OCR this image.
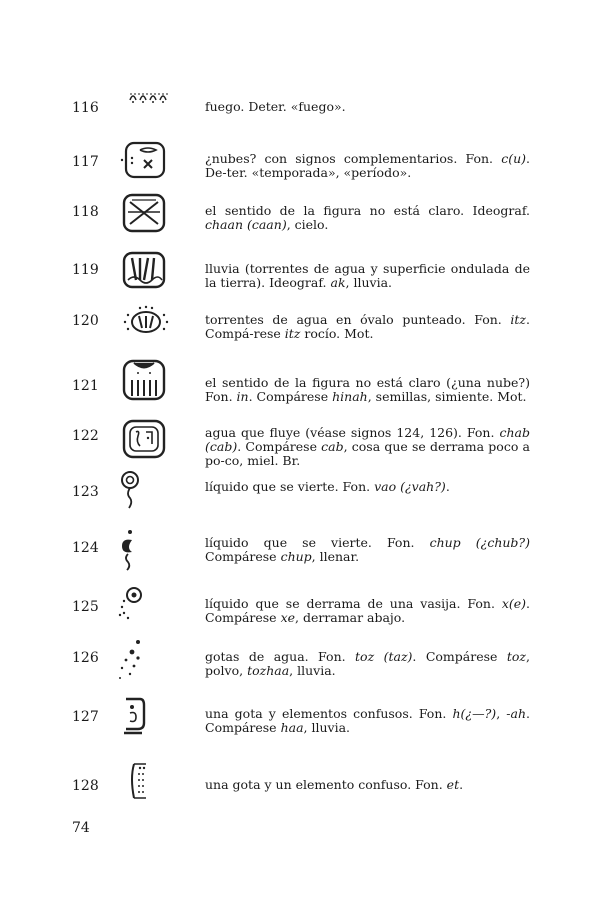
116	fuego. Deter. «fuego».
117	¿nubes? con signos complementarios. Fon. c(u). De-ter. «temporada», «período».
118	el sentido de la figura no está claro. Ideograf. chaan (caan), cielo.
119	lluvia (torrentes de agua y superficie ondulada de la tierra). Ideograf. ak, lluvia.
120	torrentes de agua en óvalo punteado. Fon. itz. Compá-rese itz rocío. Mot.
121	el sentido de la figura no está claro (¿una nube?) Fon. in. Compárese hinah, semillas, simiente. Mot.
122	agua que fluye (véase signos 124, 126). Fon. chab (cab). Compárese cab, cosa que se derrama poco a po-co, miel. Br.
123	líquido que se vierte. Fon. vao (¿vah?).
124	líquido que se vierte. Fon. chup (¿chub?) Compárese chup, llenar.
125	líquido que se derrama de una vasija. Fon. x(e). Compárese xe, derramar abajo.
126	gotas de agua. Fon. toz (taz). Compárese toz, polvo, tozhaa, lluvia.
127	una gota y elementos confusos. Fon. h(¿—?), -ah. Compárese haa, lluvia.
128	una gota y un elemento confuso. Fon. et.
74
